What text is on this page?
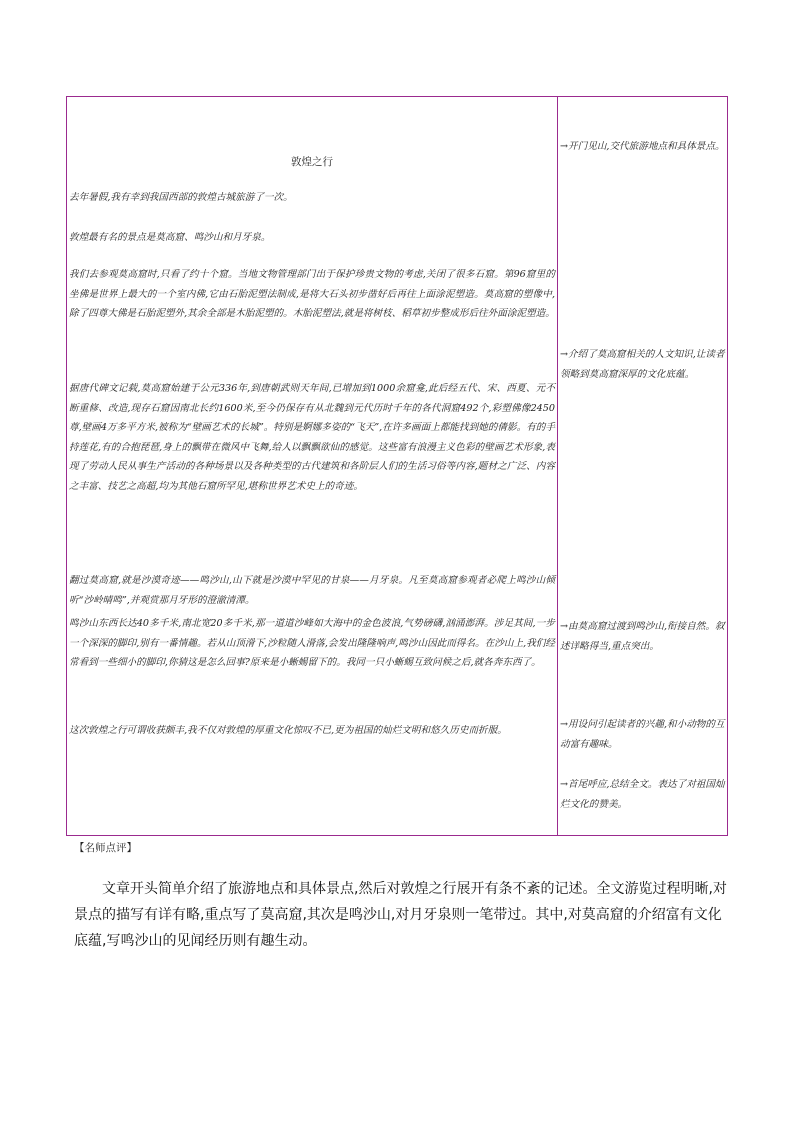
敦煌之行

去年暑假,我有幸到我国西部的敦煌古城旅游了一次。

敦煌最有名的景点是莫高窟、鸣沙山和月牙泉。

我们去参观莫高窟时,只看了约十个窟。当地文物管理部门出于保护珍贵文物的考虑,关闭了很多石窟。第96窟里的坐佛是世界上最大的一个室内佛,它由石胎泥塑法制成,是将大石头初步凿好后再往上面涂泥塑造。莫高窟的塑像中,除了四尊大佛是石胎泥塑外,其余全部是木胎泥塑的。木胎泥塑法,就是将树枝、稻草初步整成形后往外面涂泥塑造。

据唐代碑文记载,莫高窟始建于公元336年,到唐朝武则天年间,已增加到1000余窟龛,此后经五代、宋、西夏、元不断重修、改造,现存石窟因南北长约1600米,至今仍保存有从北魏到元代历时千年的各代洞窟492个,彩塑佛像2450尊,壁画4万多平方米,被称为“壁画艺术的长城”。特别是婀娜多姿的“飞天”,在许多画面上都能找到她的倩影。有的手持莲花,有的合抱琵琶,身上的飘带在微风中飞舞,给人以飘飘欲仙的感觉。这些富有浪漫主义色彩的壁画艺术形象,表现了劳动人民从事生产活动的各种场景以及各种类型的古代建筑和各阶层人们的生活习俗等内容,题材之广泛、内容之丰富、技艺之高超,均为其他石窟所罕见,堪称世界艺术史上的奇迹。

翻过莫高窟,就是沙漠奇迹——鸣沙山,山下就是沙漠中罕见的甘泉——月牙泉。凡至莫高窟参观者必爬上鸣沙山倾听“沙岭晴鸣”,并观赏那月牙形的澄澈清潭。

鸣沙山东西长达40多千米,南北宽20多千米,那一道道沙峰如大海中的金色波浪,气势磅礴,汹涌澎湃。涉足其间,一步一个深深的脚印,别有一番情趣。若从山顶滑下,沙粒随人滑落,会发出隆隆响声,鸣沙山因此而得名。在沙山上,我们经常看到一些细小的脚印,你猜这是怎么回事?原来是小蜥蜴留下的。我同一只小蜥蜴互致问候之后,就各奔东西了。

这次敦煌之行可谓收获颇丰,我不仅对敦煌的厚重文化惊叹不已,更为祖国的灿烂文明和悠久历史而折服。

→开门见山,交代旅游地点和具体景点。

→介绍了莫高窟相关的人文知识,让读者领略到莫高窟深厚的文化底蕴。

→由莫高窟过渡到鸣沙山,衔接自然。叙述详略得当,重点突出。

→用设问引起读者的兴趣,和小动物的互动富有趣味。

→首尾呼应,总结全文。表达了对祖国灿烂文化的赞美。

【名师点评】

文章开头简单介绍了旅游地点和具体景点,然后对敦煌之行展开有条不紊的记述。全文游览过程明晰,对景点的描写有详有略,重点写了莫高窟,其次是鸣沙山,对月牙泉则一笔带过。其中,对莫高窟的介绍富有文化底蕴,写鸣沙山的见闻经历则有趣生动。
